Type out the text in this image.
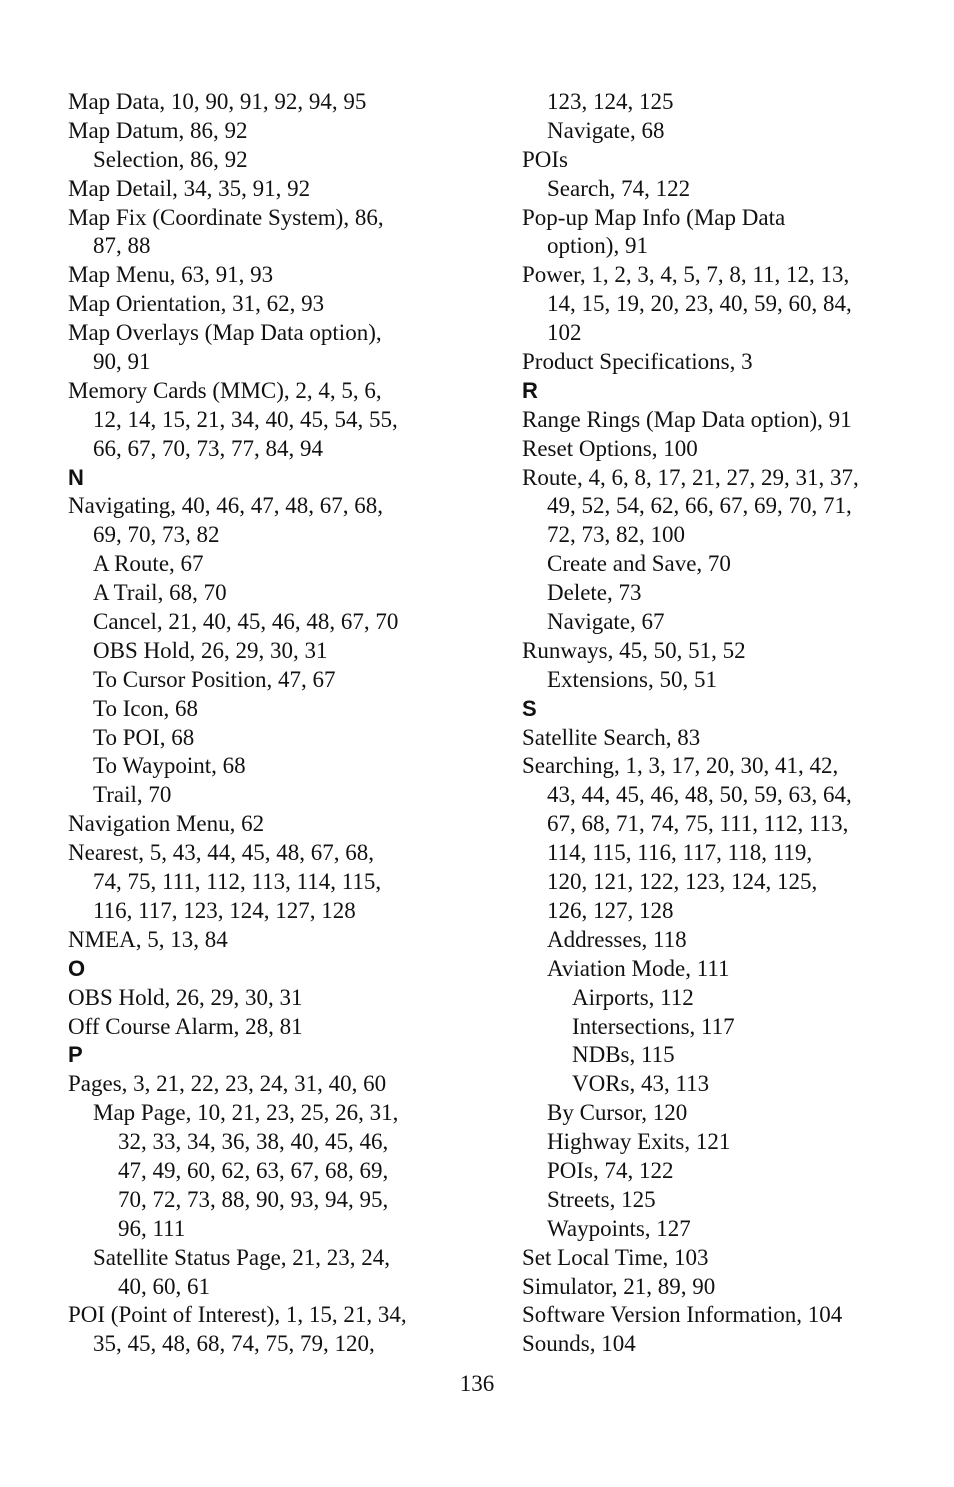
Map Data, 10, 90, 91, 92, 94, 95
Map Datum, 86, 92
Selection, 86, 92
Map Detail, 34, 35, 91, 92
Map Fix (Coordinate System), 86,
87, 88
Map Menu, 63, 91, 93
Map Orientation, 31, 62, 93
Map Overlays (Map Data option),
90, 91
Memory Cards (MMC), 2, 4, 5, 6,
12, 14, 15, 21, 34, 40, 45, 54, 55,
66, 67, 70, 73, 77, 84, 94
N
Navigating, 40, 46, 47, 48, 67, 68,
69, 70, 73, 82
A Route, 67
A Trail, 68, 70
Cancel, 21, 40, 45, 46, 48, 67, 70
OBS Hold, 26, 29, 30, 31
To Cursor Position, 47, 67
To Icon, 68
To POI, 68
To Waypoint, 68
Trail, 70
Navigation Menu, 62
Nearest, 5, 43, 44, 45, 48, 67, 68,
74, 75, 111, 112, 113, 114, 115,
116, 117, 123, 124, 127, 128
NMEA, 5, 13, 84
O
OBS Hold, 26, 29, 30, 31
Off Course Alarm, 28, 81
P
Pages, 3, 21, 22, 23, 24, 31, 40, 60
Map Page, 10, 21, 23, 25, 26, 31,
32, 33, 34, 36, 38, 40, 45, 46,
47, 49, 60, 62, 63, 67, 68, 69,
70, 72, 73, 88, 90, 93, 94, 95,
96, 111
Satellite Status Page, 21, 23, 24,
40, 60, 61
POI (Point of Interest), 1, 15, 21, 34,
35, 45, 48, 68, 74, 75, 79, 120,
123, 124, 125
Navigate, 68
POIs
Search, 74, 122
Pop-up Map Info (Map Data
option), 91
Power, 1, 2, 3, 4, 5, 7, 8, 11, 12, 13,
14, 15, 19, 20, 23, 40, 59, 60, 84,
102
Product Specifications, 3
R
Range Rings (Map Data option), 91
Reset Options, 100
Route, 4, 6, 8, 17, 21, 27, 29, 31, 37,
49, 52, 54, 62, 66, 67, 69, 70, 71,
72, 73, 82, 100
Create and Save, 70
Delete, 73
Navigate, 67
Runways, 45, 50, 51, 52
Extensions, 50, 51
S
Satellite Search, 83
Searching, 1, 3, 17, 20, 30, 41, 42,
43, 44, 45, 46, 48, 50, 59, 63, 64,
67, 68, 71, 74, 75, 111, 112, 113,
114, 115, 116, 117, 118, 119,
120, 121, 122, 123, 124, 125,
126, 127, 128
Addresses, 118
Aviation Mode, 111
Airports, 112
Intersections, 117
NDBs, 115
VORs, 43, 113
By Cursor, 120
Highway Exits, 121
POIs, 74, 122
Streets, 125
Waypoints, 127
Set Local Time, 103
Simulator, 21, 89, 90
Software Version Information, 104
Sounds, 104
136
